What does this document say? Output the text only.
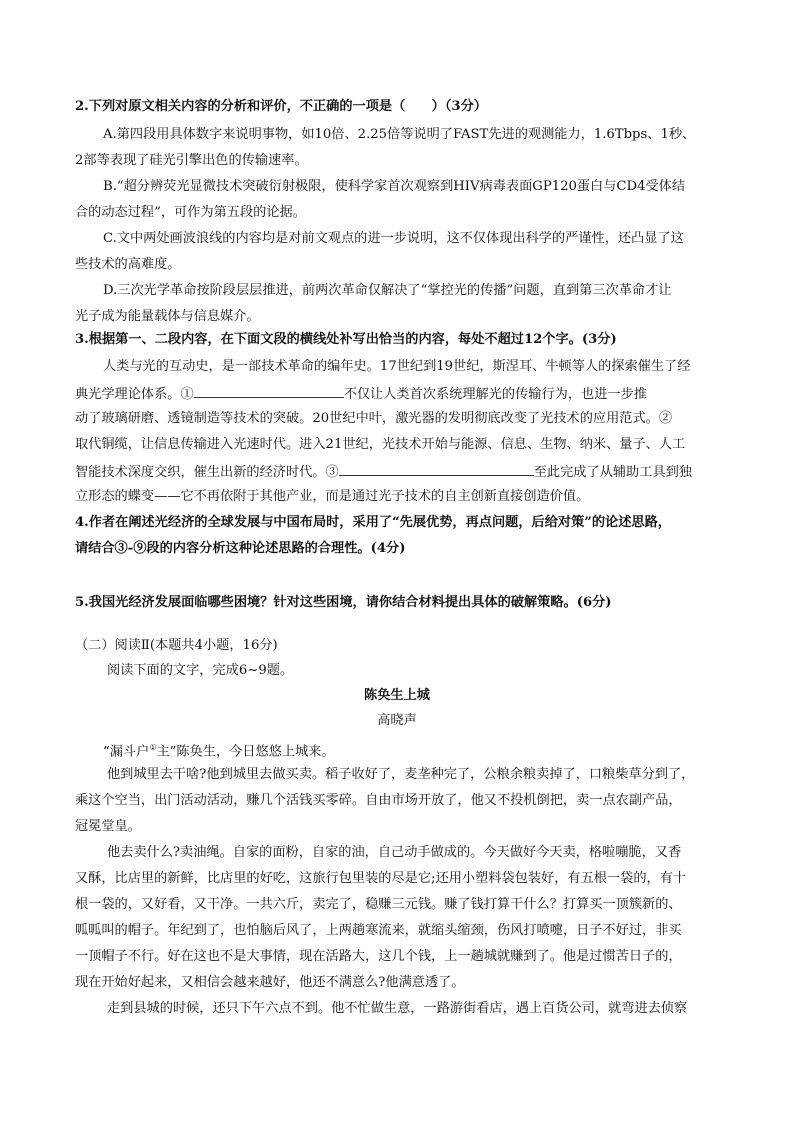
2.下列对原文相关内容的分析和评价，不正确的一项是（　　）（3分）
A.第四段用具体数字来说明事物，如10倍、2.25倍等说明了FAST先进的观测能力，1.6Tbps、1秒、
2部等表现了硅光引擎出色的传输速率。
B.“超分辨荧光显微技术突破衍射极限，使科学家首次观察到HIV病毒表面GP120蛋白与CD4受体结
合的动态过程”，可作为第五段的论据。
C.文中两处画波浪线的内容均是对前文观点的进一步说明，这不仅体现出科学的严谨性，还凸显了这
些技术的高难度。
D.三次光学革命按阶段层层推进，前两次革命仅解决了“掌控光的传播”问题，直到第三次革命才让
光子成为能量载体与信息媒介。
3.根据第一、二段内容，在下面文段的横线处补写出恰当的内容，每处不超过12个字。(3分)
人类与光的互动史，是一部技术革命的编年史。17世纪到19世纪，斯涅耳、牛顿等人的探索催生了经
典光学理论体系。①	不仅让人类首次系统理解光的传输行为，也进一步推
动了玻璃研磨、透镜制造等技术的突破。20世纪中叶，激光器的发明彻底改变了光技术的应用范式。②
取代铜缆，让信息传输进入光速时代。进入21世纪，光技术开始与能源、信息、生物、纳米、量子、人工
智能技术深度交织，催生出新的经济时代。③	至此完成了从辅助工具到独
立形态的蝶变——它不再依附于其他产业，而是通过光子技术的自主创新直接创造价值。
4.作者在阐述光经济的全球发展与中国布局时，采用了“先展优势，再点问题，后给对策”的论述思路，
请结合③-⑨段的内容分析这种论述思路的合理性。(4分)
5.我国光经济发展面临哪些困境？针对这些困境，请你结合材料提出具体的破解策略。(6分)
（二）阅读Ⅱ(本题共4小题，16分)
阅读下面的文字，完成6~9题。
陈奂生上城
高晓声
“漏斗户①主”陈奂生，今日悠悠上城来。
他到城里去干啥?他到城里去做买卖。稻子收好了，麦垄种完了，公粮余粮卖掉了，口粮柴草分到了，
乘这个空当，出门活动活动，赚几个活钱买零碎。自由市场开放了，他又不投机倒把，卖一点农副产品，
冠冕堂皇。
他去卖什么?卖油绳。自家的面粉，自家的油，自己动手做成的。今天做好今天卖，格啦嘣脆，又香
又酥，比店里的新鲜，比店里的好吃，这旅行包里装的尽是它;还用小塑料袋包装好，有五根一袋的，有十
根一袋的，又好看，又干净。一共六斤，卖完了，稳赚三元钱。赚了钱打算干什么？打算买一顶簇新的、
呱呱叫的帽子。年纪到了，也怕脑后风了，上两趟寒流来，就缩头缩颈，伤风打喷嚏，日子不好过，非买
一顶帽子不行。好在这也不是大事情，现在活路大，这几个钱，上一趟城就赚到了。他是过惯苦日子的，
现在开始好起来，又相信会越来越好，他还不满意么?他满意透了。
走到县城的时候，还只下午六点不到。他不忙做生意，一路游街看店，遇上百货公司，就弯进去侦察
